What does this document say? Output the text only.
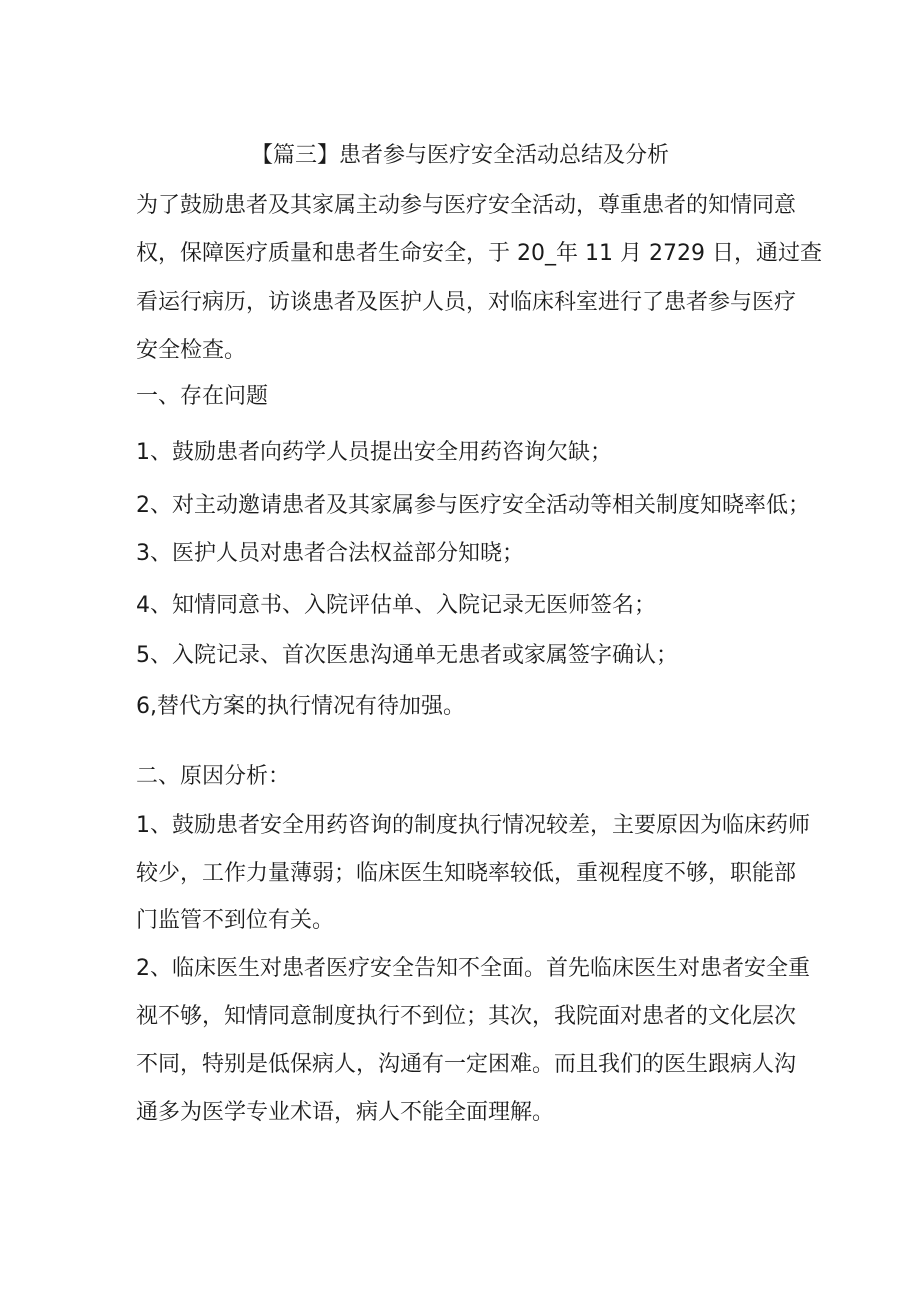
【篇三】患者参与医疗安全活动总结及分析
为了鼓励患者及其家属主动参与医疗安全活动，尊重患者的知情同意
权，保障医疗质量和患者生命安全，于 20_年 11 月 2729 日，通过查
看运行病历，访谈患者及医护人员，对临床科室进行了患者参与医疗
安全检查。
一、存在问题
1、鼓励患者向药学人员提出安全用药咨询欠缺；
2、对主动邀请患者及其家属参与医疗安全活动等相关制度知晓率低；
3、医护人员对患者合法权益部分知晓；
4、知情同意书、入院评估单、入院记录无医师签名；
5、入院记录、首次医患沟通单无患者或家属签字确认；
6,替代方案的执行情况有待加强。
二、原因分析：
1、鼓励患者安全用药咨询的制度执行情况较差，主要原因为临床药师
较少，工作力量薄弱；临床医生知晓率较低，重视程度不够，职能部
门监管不到位有关。
2、临床医生对患者医疗安全告知不全面。首先临床医生对患者安全重
视不够，知情同意制度执行不到位；其次，我院面对患者的文化层次
不同，特别是低保病人，沟通有一定困难。而且我们的医生跟病人沟
通多为医学专业术语，病人不能全面理解。
